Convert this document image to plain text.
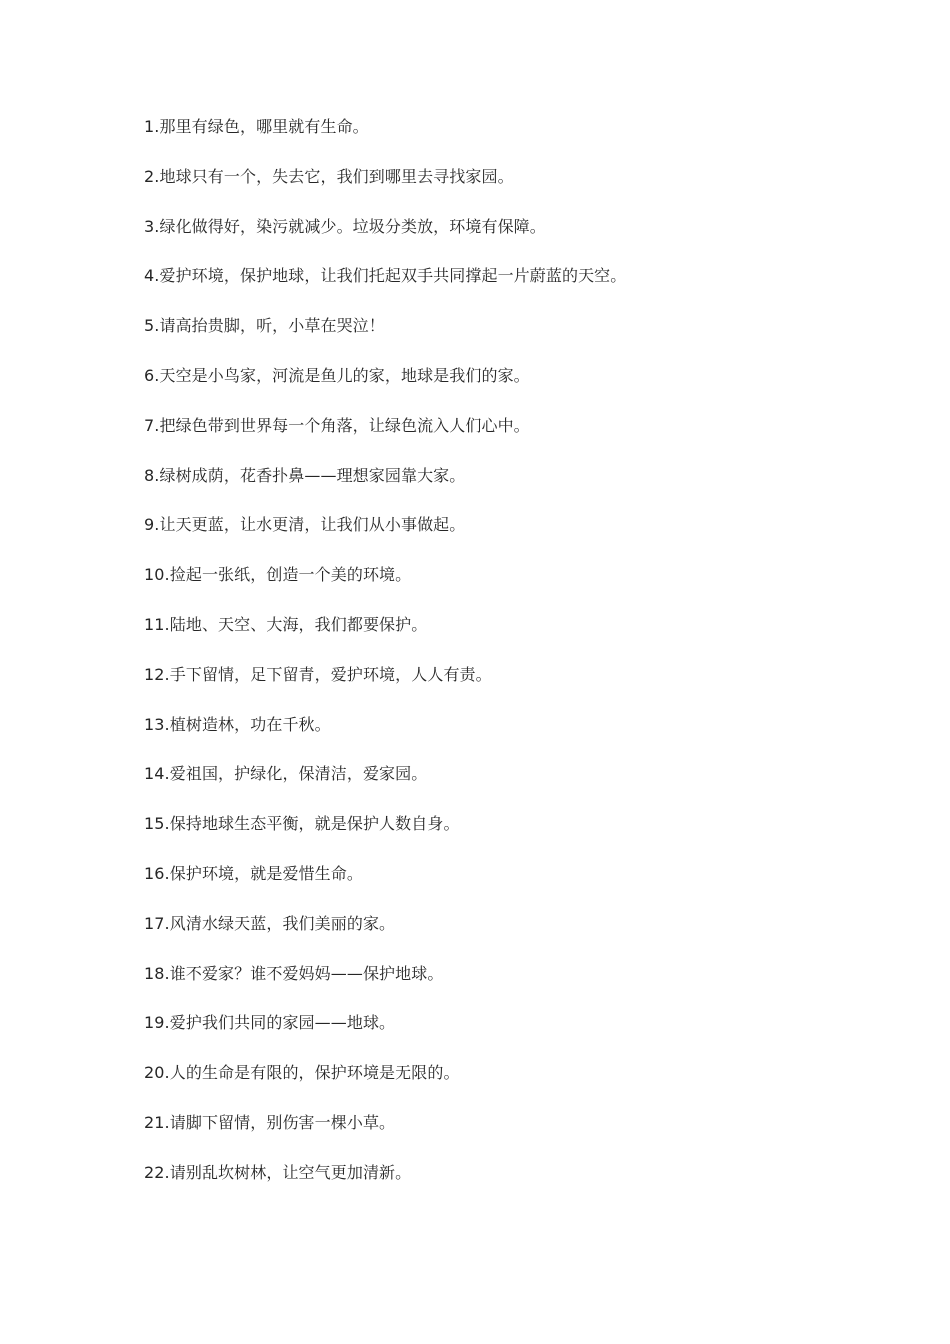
1.那里有绿色，哪里就有生命。
2.地球只有一个，失去它，我们到哪里去寻找家园。
3.绿化做得好，染污就减少。垃圾分类放，环境有保障。
4.爱护环境，保护地球，让我们托起双手共同撑起一片蔚蓝的天空。
5.请高抬贵脚，听，小草在哭泣！
6.天空是小鸟家，河流是鱼儿的家，地球是我们的家。
7.把绿色带到世界每一个角落，让绿色流入人们心中。
8.绿树成荫，花香扑鼻——理想家园靠大家。
9.让天更蓝，让水更清，让我们从小事做起。
10.捡起一张纸，创造一个美的环境。
11.陆地、天空、大海，我们都要保护。
12.手下留情，足下留青，爱护环境，人人有责。
13.植树造林，功在千秋。
14.爱祖国，护绿化，保清洁，爱家园。
15.保持地球生态平衡，就是保护人数自身。
16.保护环境，就是爱惜生命。
17.风清水绿天蓝，我们美丽的家。
18.谁不爱家？谁不爱妈妈——保护地球。
19.爱护我们共同的家园——地球。
20.人的生命是有限的，保护环境是无限的。
21.请脚下留情，别伤害一棵小草。
22.请别乱坎树林，让空气更加清新。
